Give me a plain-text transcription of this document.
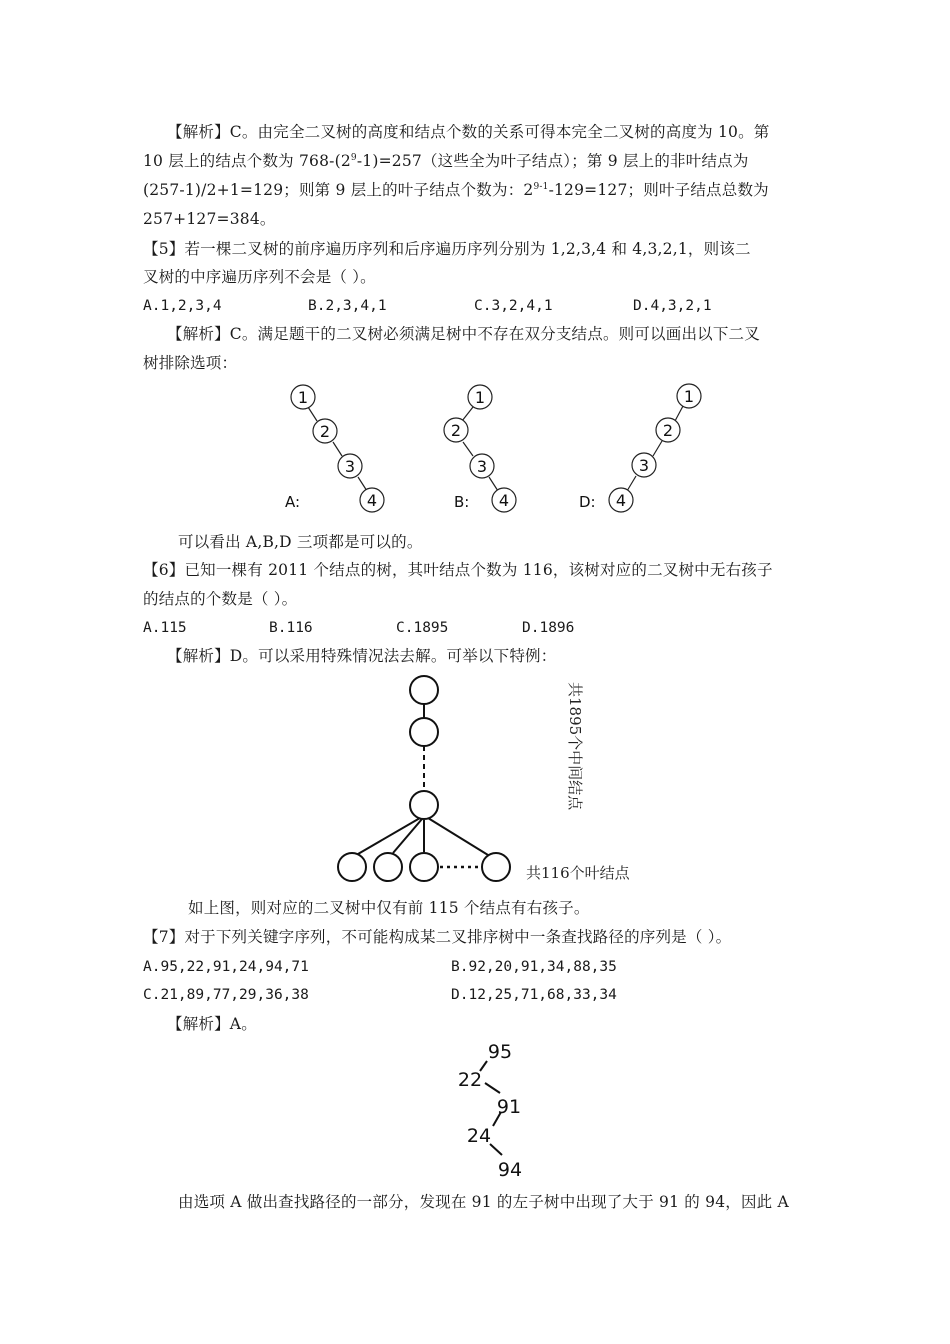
【解析】C。由完全二叉树的高度和结点个数的关系可得本完全二叉树的高度为 10。第
10 层上的结点个数为 $768-(2^9-1)=257$（这些全为叶子结点）；第 9 层上的非叶结点为
(257-1)/2+1=129；则第 9 层上的叶子结点个数为：$2^{9-1}-129=127$；则叶子结点总数为
257+127=384。
【5】若一棵二叉树的前序遍历序列和后序遍历序列分别为 1,2,3,4 和 4,3,2,1，则该二
叉树的中序遍历序列不会是（ ）。
A.1,2,3,4	B.2,3,4,1	C.3,2,4,1	D.4,3,2,1
【解析】C。满足题干的二叉树必须满足树中不存在双分支结点。则可以画出以下二叉
树排除选项：
1
2
3
4
1
2
3
4
1
2
3
4
A:	B:	D:
可以看出 A,B,D 三项都是可以的。
【6】已知一棵有 2011 个结点的树，其叶结点个数为 116，该树对应的二叉树中无右孩子
的结点的个数是（ ）。
A.115	B.116	C.1895	D.1896
【解析】D。可以采用特殊情况法去解。可举以下特例：
共1895个中间结点
共116个叶结点
如上图，则对应的二叉树中仅有前 115 个结点有右孩子。
【7】对于下列关键字序列，不可能构成某二叉排序树中一条查找路径的序列是（ ）。
A.95,22,91,24,94,71	B.92,20,91,34,88,35
C.21,89,77,29,36,38	D.12,25,71,68,33,34
【解析】A。
95
22
91
24
94
由选项 A 做出查找路径的一部分，发现在 91 的左子树中出现了大于 91 的 94，因此 A
